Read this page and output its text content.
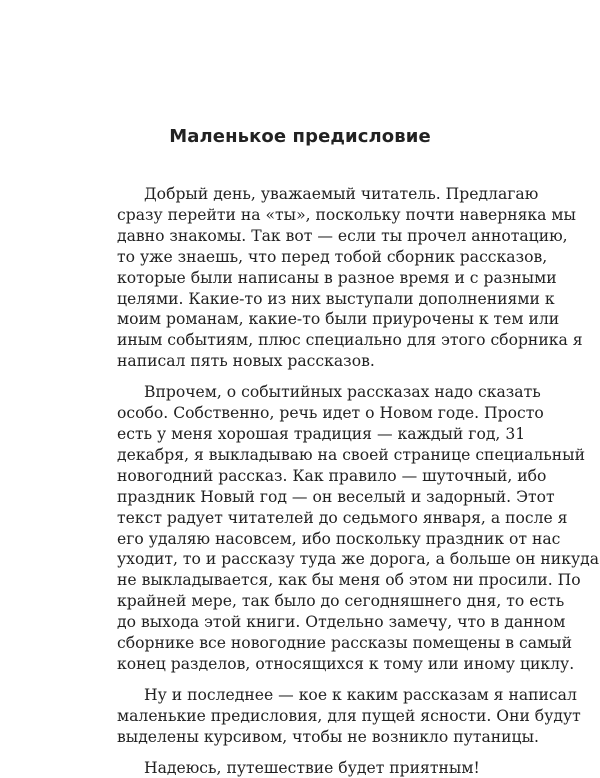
Маленькое предисловие
Добрый день, уважаемый читатель. Предлагаю
сразу перейти на «ты», поскольку почти наверняка мы
давно знакомы. Так вот — если ты прочел аннотацию,
то уже знаешь, что перед тобой сборник рассказов,
которые были написаны в разное время и с разными
целями. Какие-то из них выступали дополнениями к
моим романам, какие-то были приурочены к тем или
иным событиям, плюс специально для этого сборника я
написал пять новых рассказов.
Впрочем, о событийных рассказах надо сказать
особо. Собственно, речь идет о Новом годе. Просто
есть у меня хорошая традиция — каждый год, 31
декабря, я выкладываю на своей странице специальный
новогодний рассказ. Как правило — шуточный, ибо
праздник Новый год — он веселый и задорный. Этот
текст радует читателей до седьмого января, а после я
его удаляю насовсем, ибо поскольку праздник от нас
уходит, то и рассказу туда же дорога, а больше он никуда
не выкладывается, как бы меня об этом ни просили. По
крайней мере, так было до сегодняшнего дня, то есть
до выхода этой книги. Отдельно замечу, что в данном
сборнике все новогодние рассказы помещены в самый
конец разделов, относящихся к тому или иному циклу.
Ну и последнее — кое к каким рассказам я написал
маленькие предисловия, для пущей ясности. Они будут
выделены курсивом, чтобы не возникло путаницы.
Надеюсь, путешествие будет приятным!
